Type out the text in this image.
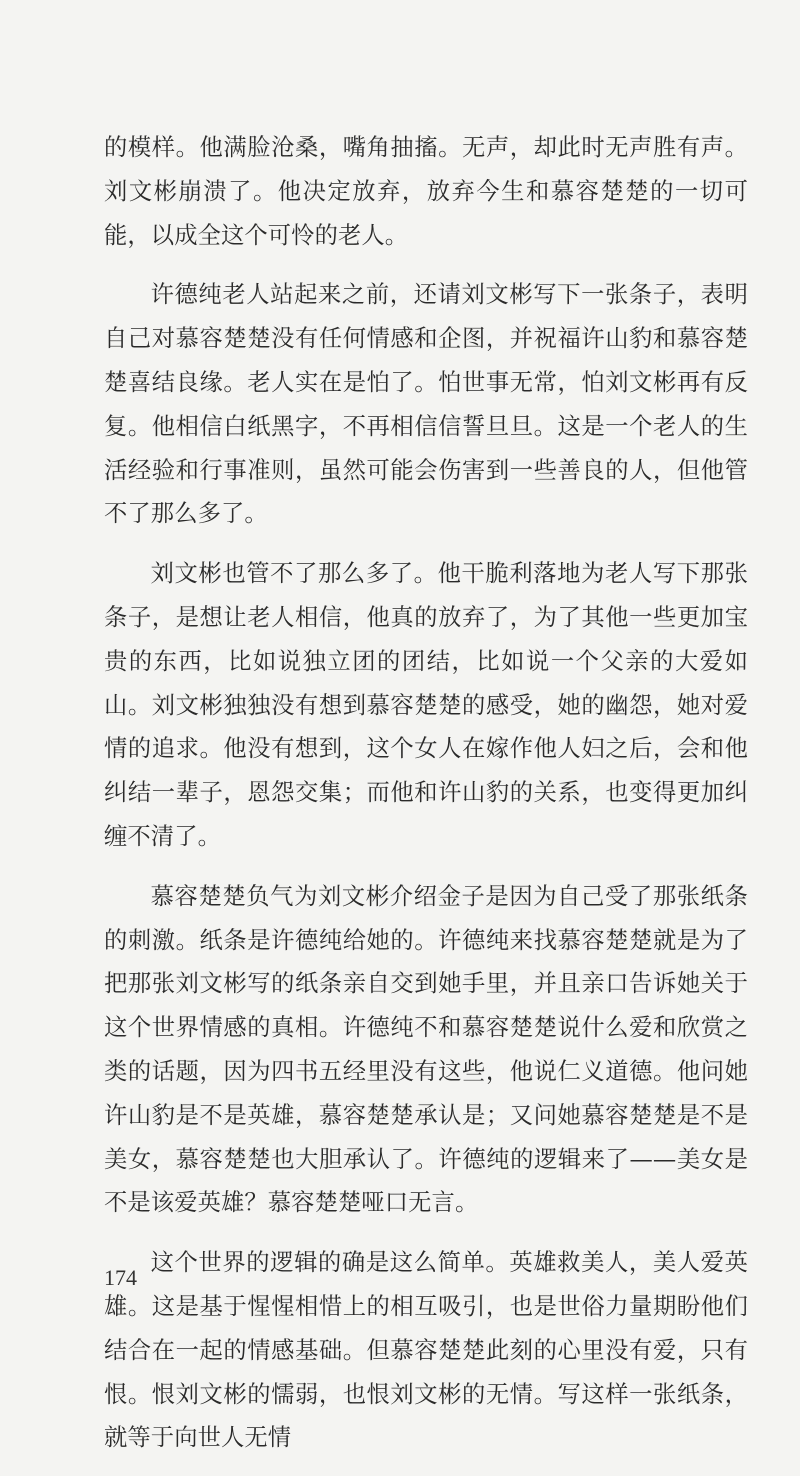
的模样。他满脸沧桑，嘴角抽搐。无声，却此时无声胜有声。刘文彬崩溃了。他决定放弃，放弃今生和慕容楚楚的一切可能，以成全这个可怜的老人。

许德纯老人站起来之前，还请刘文彬写下一张条子，表明自己对慕容楚楚没有任何情感和企图，并祝福许山豹和慕容楚楚喜结良缘。老人实在是怕了。怕世事无常，怕刘文彬再有反复。他相信白纸黑字，不再相信信誓旦旦。这是一个老人的生活经验和行事准则，虽然可能会伤害到一些善良的人，但他管不了那么多了。

刘文彬也管不了那么多了。他干脆利落地为老人写下那张条子，是想让老人相信，他真的放弃了，为了其他一些更加宝贵的东西，比如说独立团的团结，比如说一个父亲的大爱如山。刘文彬独独没有想到慕容楚楚的感受，她的幽怨，她对爱情的追求。他没有想到，这个女人在嫁作他人妇之后，会和他纠结一辈子，恩怨交集；而他和许山豹的关系，也变得更加纠缠不清了。

慕容楚楚负气为刘文彬介绍金子是因为自己受了那张纸条的刺激。纸条是许德纯给她的。许德纯来找慕容楚楚就是为了把那张刘文彬写的纸条亲自交到她手里，并且亲口告诉她关于这个世界情感的真相。许德纯不和慕容楚楚说什么爱和欣赏之类的话题，因为四书五经里没有这些，他说仁义道德。他问她许山豹是不是英雄，慕容楚楚承认是；又问她慕容楚楚是不是美女，慕容楚楚也大胆承认了。许德纯的逻辑来了——美女是不是该爱英雄？慕容楚楚哑口无言。

这个世界的逻辑的确是这么简单。英雄救美人，美人爱英雄。这是基于惺惺相惜上的相互吸引，也是世俗力量期盼他们结合在一起的情感基础。但慕容楚楚此刻的心里没有爱，只有恨。恨刘文彬的懦弱，也恨刘文彬的无情。写这样一张纸条，就等于向世人无情

174
